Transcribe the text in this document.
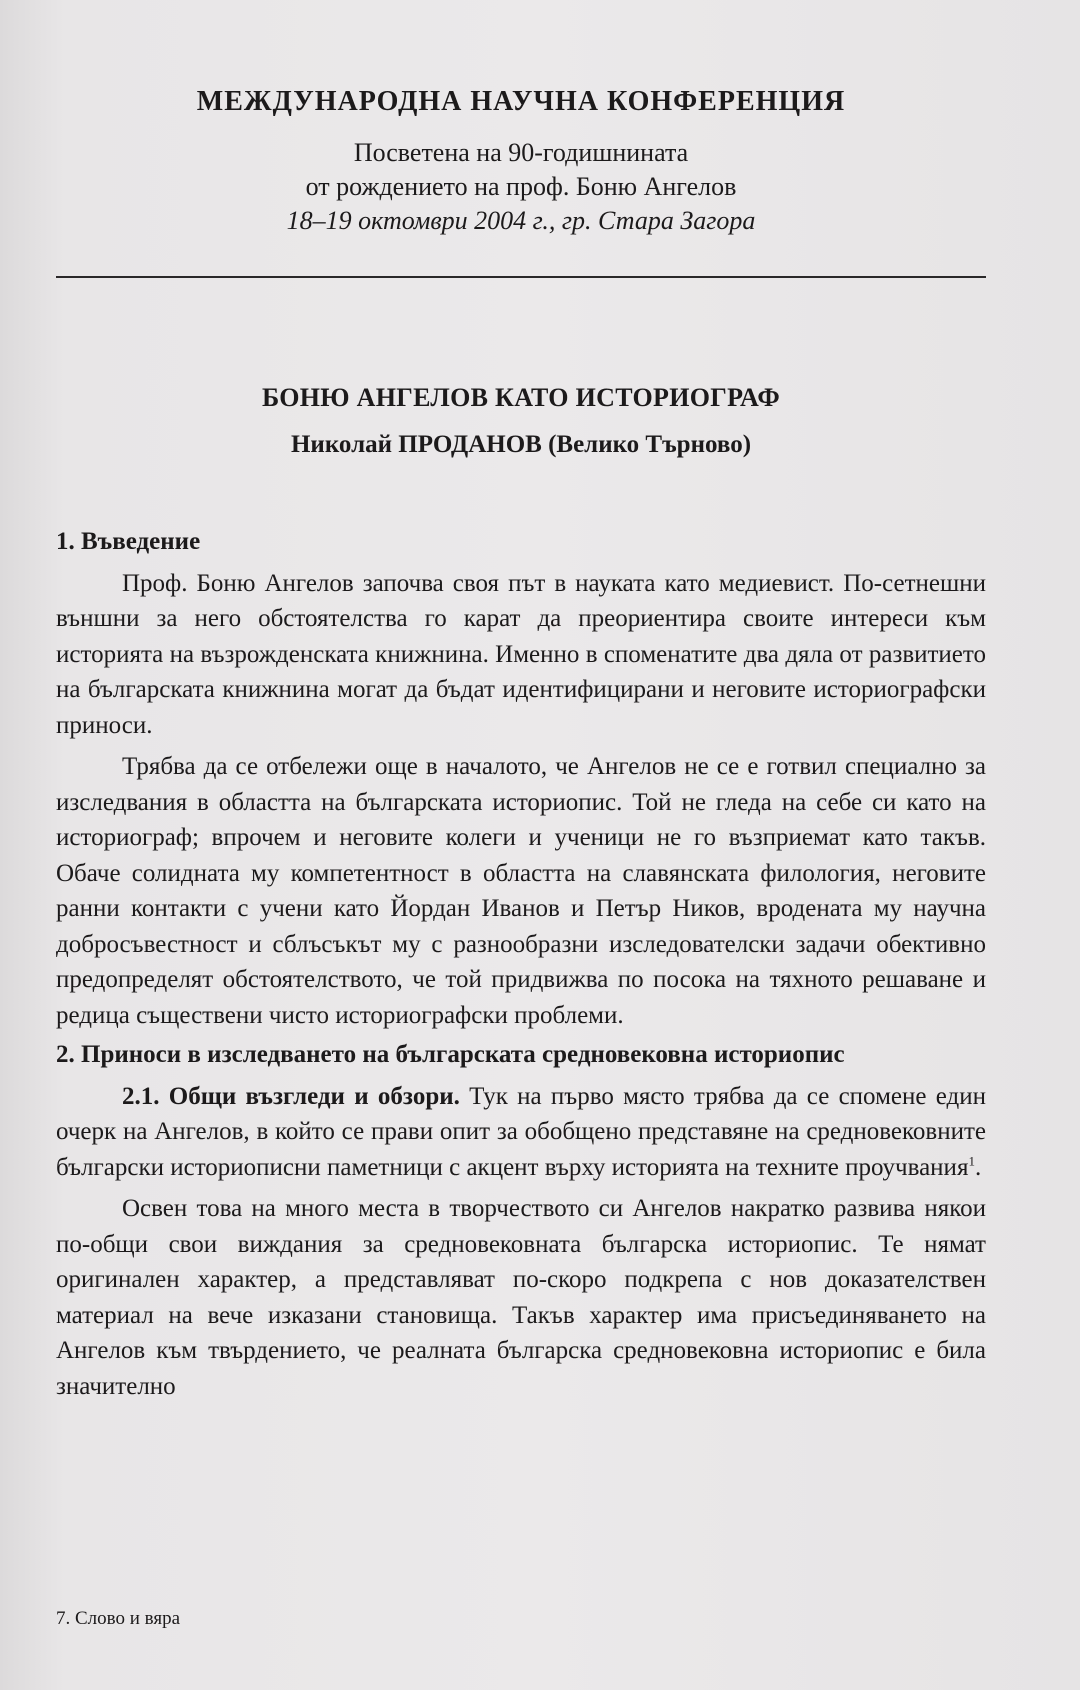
МЕЖДУНАРОДНА НАУЧНА КОНФЕРЕНЦИЯ
Посветена на 90-годишнината
от рождението на проф. Боню Ангелов
18–19 октомври 2004 г., гр. Стара Загора
БОНЮ АНГЕЛОВ КАТО ИСТОРИОГРАФ
Николай ПРОДАНОВ (Велико Търново)
1. Въведение

Проф. Боню Ангелов започва своя път в науката като медиевист. По-сетнешни външни за него обстоятелства го карат да преориентира своите интереси към историята на възрожденската книжнина. Именно в споменатите два дяла от развитието на българската книжнина могат да бъдат идентифицирани и неговите историографски приноси.

Трябва да се отбележи още в началото, че Ангелов не се е готвил специално за изследвания в областта на българската историопис. Той не гледа на себе си като на историограф; впрочем и неговите колеги и ученици не го възприемат като такъв. Обаче солидната му компетентност в областта на славянската филология, неговите ранни контакти с учени като Йордан Иванов и Петър Ников, вродената му научна добросъвестност и сблъсъкът му с разнообразни изследователски задачи обективно предопределят обстоятелството, че той придвижва по посока на тяхното решаване и редица съществени чисто историографски проблеми.

2. Приноси в изследването на българската средновековна историопис

2.1. Общи възгледи и обзори. Тук на първо място трябва да се спомене един очерк на Ангелов, в който се прави опит за обобщено представяне на средновековните български историописни паметници с акцент върху историята на техните проучвания$^1$.

Освен това на много места в творчеството си Ангелов накратко развива някои по-общи свои виждания за средновековната българска историопис. Те нямат оригинален характер, а представляват по-скоро подкрепа с нов доказателствен материал на вече изказани становища. Такъв характер има присъединяването на Ангелов към твърдението, че реалната българска средновековна историопис е била значително

7. Слово и вяра
